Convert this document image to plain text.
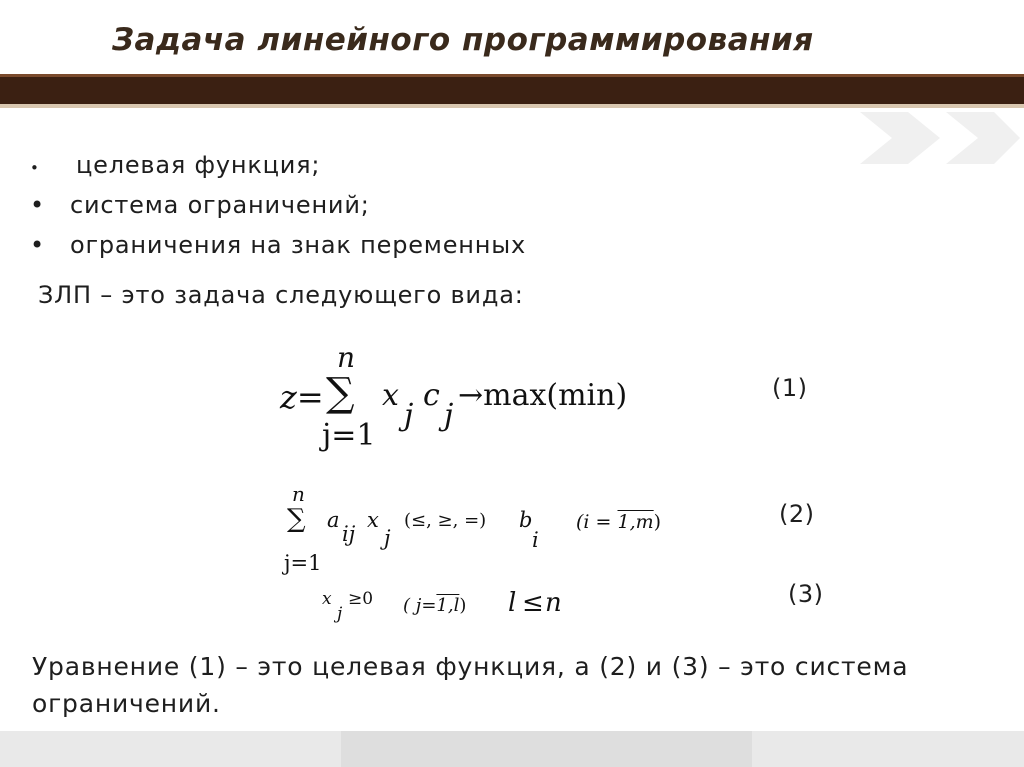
Задача линейного программирования
• целевая функция;
• система ограничений;
• ограничения на знак переменных
ЗЛП – это задача следующего вида:
n
z= ∑ x
j
c
j
→max(min)
j=1
(1)
n
∑ a
ij
x
j
(≤, ≥, =) b
i
(i = 1,m)
j=1
(2)
x
j
≥0 ( j=1,l) l ≤ n	(3)
Уравнение (1) – это целевая функция, а (2) и (3) – это система ограничений.
